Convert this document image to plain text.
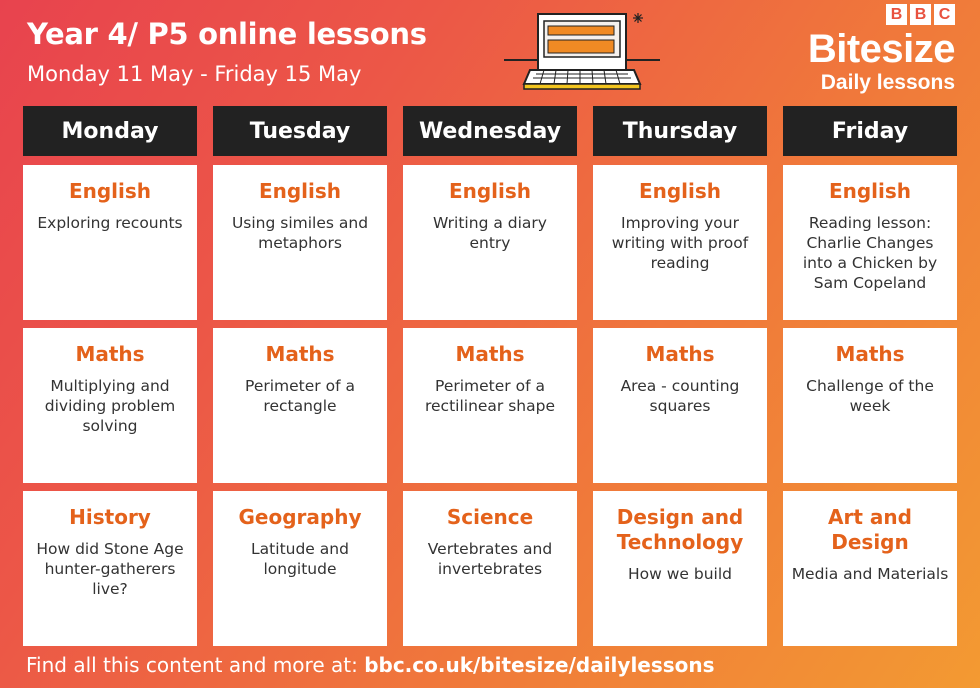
Year 4/ P5 online lessons
Monday 11 May - Friday 15 May
B B C
Bitesize
Daily lessons
Monday
English
Exploring recounts
Maths
Multiplying and dividing problem solving
History
How did Stone Age hunter-gatherers live?
Tuesday
English
Using similes and metaphors
Maths
Perimeter of a rectangle
Geography
Latitude and longitude
Wednesday
English
Writing a diary entry
Maths
Perimeter of a rectilinear shape
Science
Vertebrates and invertebrates
Thursday
English
Improving your writing with proof reading
Maths
Area - counting squares
Design and Technology
How we build
Friday
English
Reading lesson: Charlie Changes into a Chicken by Sam Copeland
Maths
Challenge of the week
Art and Design
Media and Materials
Find all this content and more at: bbc.co.uk/bitesize/dailylessons
